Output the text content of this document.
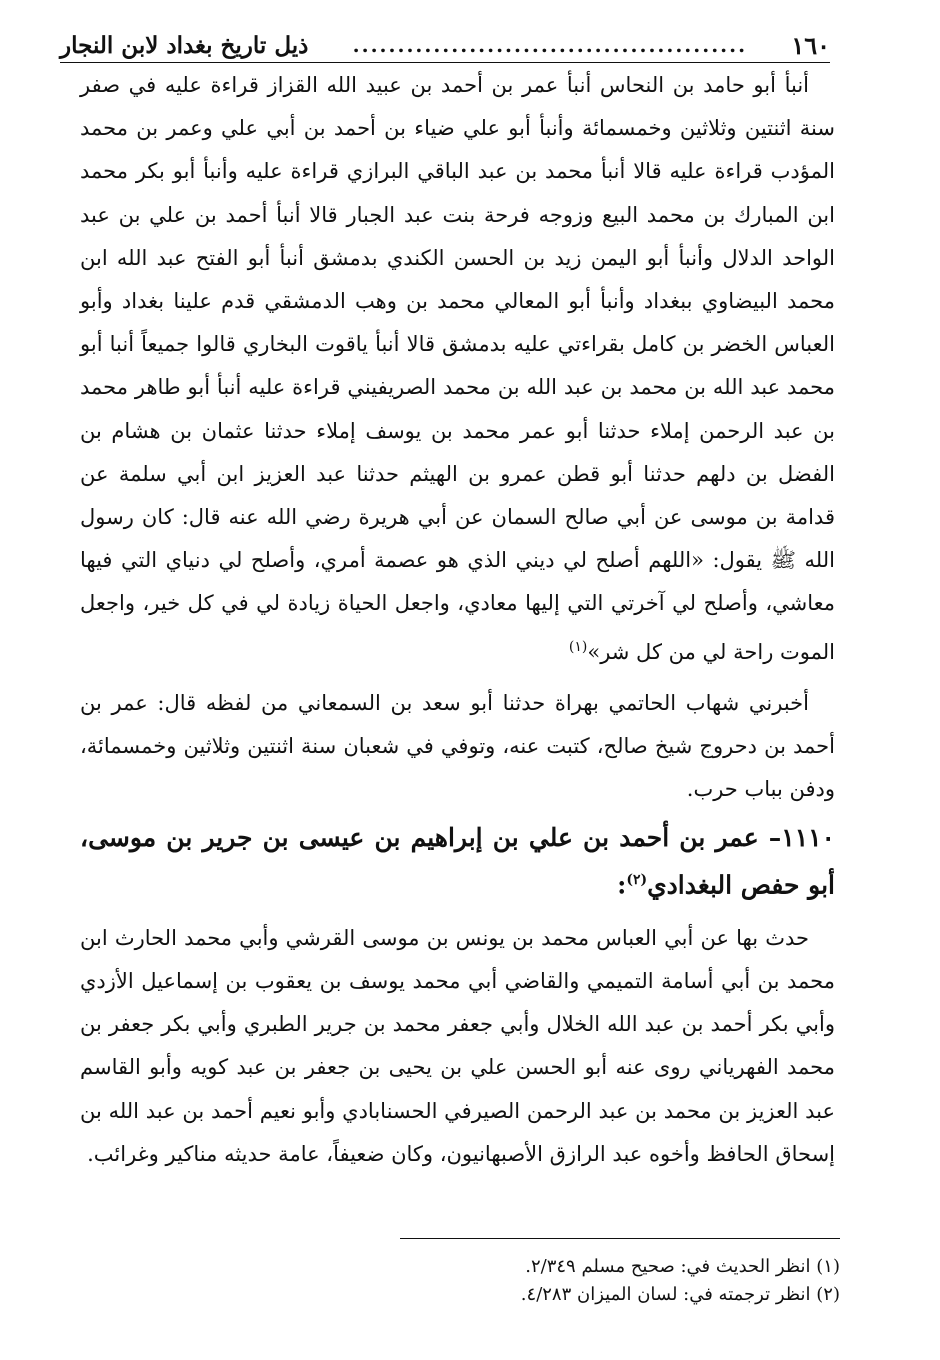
١٦٠
............................................
ذيل تاريخ بغداد لابن النجار

أنبأ أبو حامد بن النحاس أنبأ عمر بن أحمد بن عبيد الله القزاز قراءة عليه في صفر سنة اثنتين وثلاثين وخمسمائة وأنبأ أبو علي ضياء بن أحمد بن أبي علي وعمر بن محمد المؤدب قراءة عليه قالا أنبأ محمد بن عبد الباقي البرازي قراءة عليه وأنبأ أبو بكر محمد ابن المبارك بن محمد البيع وزوجه فرحة بنت عبد الجبار قالا أنبأ أحمد بن علي بن عبد الواحد الدلال وأنبأ أبو اليمن زيد بن الحسن الكندي بدمشق أنبأ أبو الفتح عبد الله ابن محمد البيضاوي ببغداد وأنبأ أبو المعالي محمد بن وهب الدمشقي قدم علينا بغداد وأبو العباس الخضر بن كامل بقراءتي عليه بدمشق قالا أنبأ ياقوت البخاري قالوا جميعاً أنبا أبو محمد عبد الله بن محمد بن عبد الله بن محمد الصريفيني قراءة عليه أنبأ أبو طاهر محمد بن عبد الرحمن إملاء حدثنا أبو عمر محمد بن يوسف إملاء حدثنا عثمان بن هشام بن الفضل بن دلهم حدثنا أبو قطن عمرو بن الهيثم حدثنا عبد العزيز ابن أبي سلمة عن قدامة بن موسى عن أبي صالح السمان عن أبي هريرة رضي الله عنه قال: كان رسول الله ﷺ يقول: «اللهم أصلح لي ديني الذي هو عصمة أمري، وأصلح لي دنياي التي فيها معاشي، وأصلح لي آخرتي التي إليها معادي، واجعل الحياة زيادة لي في كل خير، واجعل الموت راحة لي من كل شر»$^{(١)}$

أخبرني شهاب الحاتمي بهراة حدثنا أبو سعد بن السمعاني من لفظه قال: عمر بن أحمد بن دحروج شيخ صالح، كتبت عنه، وتوفي في شعبان سنة اثنتين وثلاثين وخمسمائة، ودفن بباب حرب.

١١١٠– عمر بن أحمد بن علي بن إبراهيم بن عيسى بن جرير بن موسى، أبو حفص البغدادي$^{(٢)}$:

حدث بها عن أبي العباس محمد بن يونس بن موسى القرشي وأبي محمد الحارث ابن محمد بن أبي أسامة التميمي والقاضي أبي محمد يوسف بن يعقوب بن إسماعيل الأزدي وأبي بكر أحمد بن عبد الله الخلال وأبي جعفر محمد بن جرير الطبري وأبي بكر جعفر بن محمد الفهرياني روى عنه أبو الحسن علي بن يحيى بن جعفر بن عبد كويه وأبو القاسم عبد العزيز بن محمد بن عبد الرحمن الصيرفي الحسنابادي وأبو نعيم أحمد بن عبد الله بن إسحاق الحافظ وأخوه عبد الرازق الأصبهانيون، وكان ضعيفاً، عامة حديثه مناكير وغرائب.

(١) انظر الحديث في: صحيح مسلم ٢/٣٤٩.
(٢) انظر ترجمته في: لسان الميزان ٤/٢٨٣.
